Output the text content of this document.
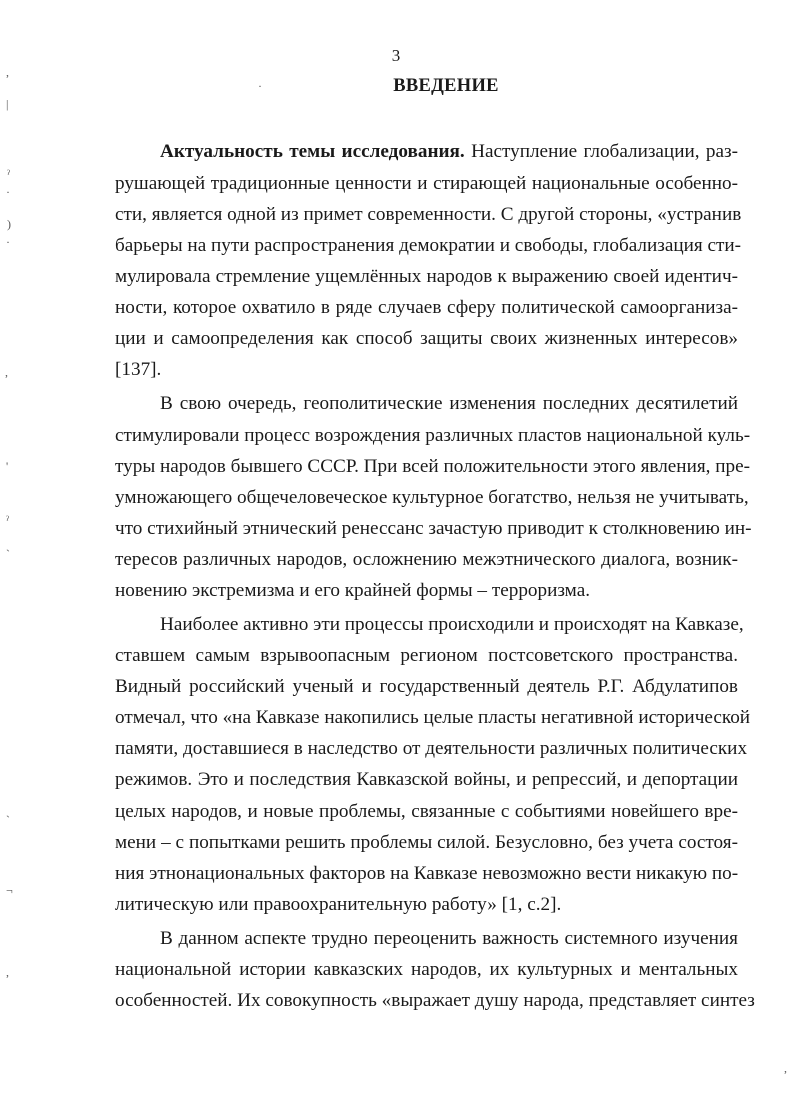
3
ВВЕДЕНИЕ
Актуальность темы исследования. Наступление глобализации, раз-
рушающей традиционные ценности и стирающей национальные особенно-
сти, является одной из примет современности. С другой стороны, «устранив
барьеры на пути распространения демократии и свободы, глобализация сти-
мулировала стремление ущемлённых народов к выражению своей идентич-
ности, которое охватило в ряде случаев сферу политической самоорганиза-
ции и самоопределения как способ защиты своих жизненных интересов»
[137].
В свою очередь, геополитические изменения последних десятилетий
стимулировали процесс возрождения различных пластов национальной куль-
туры народов бывшего СССР. При всей положительности этого явления, пре-
умножающего общечеловеческое культурное богатство, нельзя не учитывать,
что стихийный этнический ренессанс зачастую приводит к столкновению ин-
тересов различных народов, осложнению межэтнического диалога, возник-
новению экстремизма и его крайней формы – терроризма.
Наиболее активно эти процессы происходили и происходят на Кавказе,
ставшем самым взрывоопасным регионом постсоветского пространства.
Видный российский ученый и государственный деятель Р.Г. Абдулатипов
отмечал, что «на Кавказе накопились целые пласты негативной исторической
памяти, доставшиеся в наследство от деятельности различных политических
режимов. Это и последствия Кавказской войны, и репрессий, и депортации
целых народов, и новые проблемы, связанные с событиями новейшего вре-
мени – с попытками решить проблемы силой. Безусловно, без учета состоя-
ния этнонациональных факторов на Кавказе невозможно вести никакую по-
литическую или правоохранительную работу» [1, с.2].
В данном аспекте трудно переоценить важность системного изучения
национальной истории кавказских народов, их культурных и ментальных
особенностей. Их совокупность «выражает душу народа, представляет синтез
,
|
ˀ
·
)
·
,
'
ˀ
`
`
¬
,
·
,
